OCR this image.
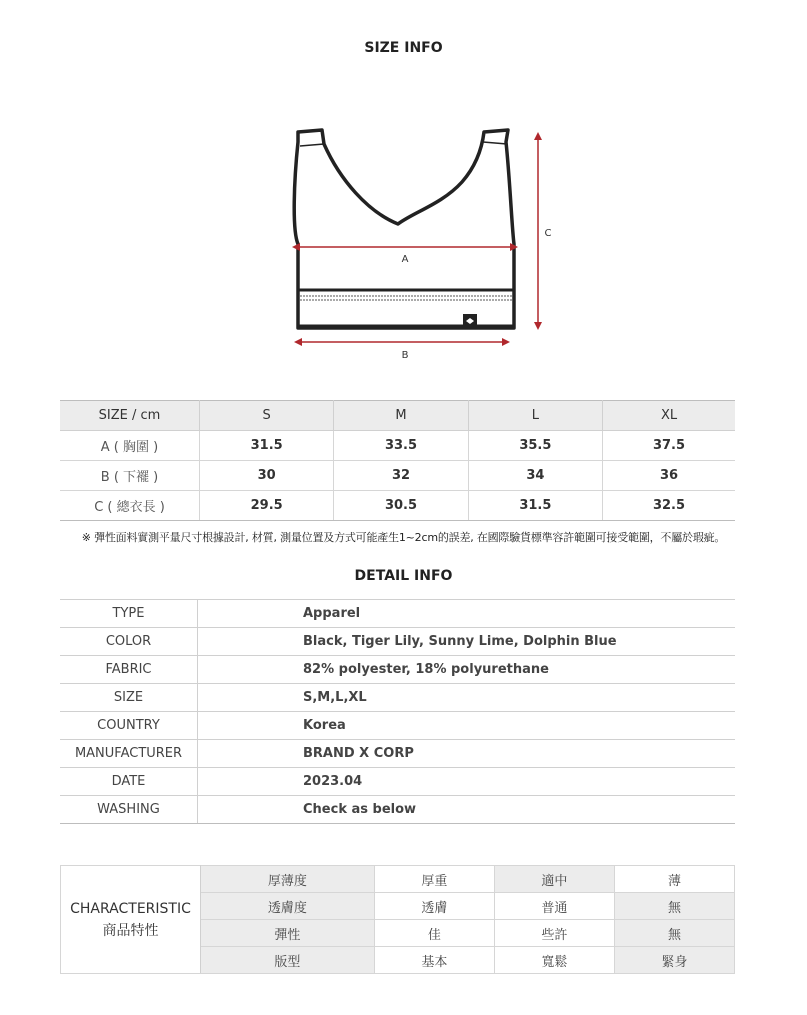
SIZE INFO
A
B
C
SIZE / cm	S	M	L	XL
A ( 胸圍 )	31.5	33.5	35.5	37.5
B ( 下襬 )	30	32	34	36
C ( 總衣長 )	29.5	30.5	31.5	32.5
※ 彈性面料實測平量尺寸根據設計, 材質, 測量位置及方式可能產生1~2cm的誤差, 在國際驗貨標準容許範圍可接受範圍，不屬於瑕疵。
DETAIL INFO
TYPE	Apparel
COLOR	Black, Tiger Lily, Sunny Lime, Dolphin Blue
FABRIC	82% polyester, 18% polyurethane
SIZE	S,M,L,XL
COUNTRY	Korea
MANUFACTURER	BRAND X CORP
DATE	2023.04
WASHING	Check as below
CHARACTERISTIC
商品特性	厚薄度	厚重	適中	薄
	透膚度	透膚	普通	無
	彈性	佳	些許	無
	版型	基本	寬鬆	緊身
